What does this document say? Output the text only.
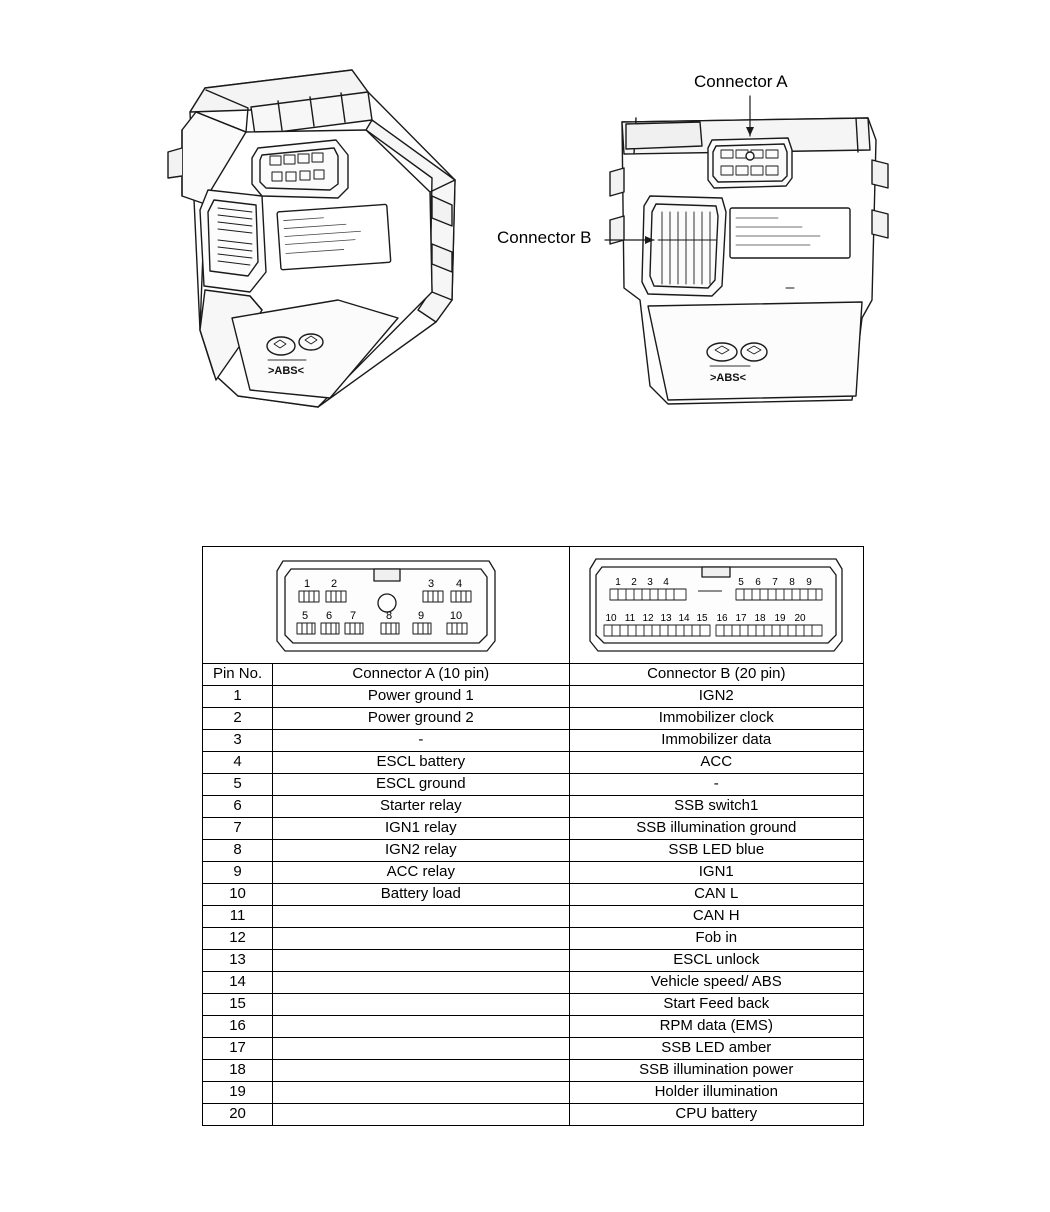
>ABS<
>ABS<
Connector A
Connector B
1 2	3 4
5 6 7	8 9 10

1 2 3 4	5 6 7 8 9
10 11 12 13 14 15 16 17 18 19 20

Pin No.	Connector A (10 pin)	Connector B (20 pin)
1	Power ground 1	IGN2
2	Power ground 2	Immobilizer clock
3	-	Immobilizer data
4	ESCL battery	ACC
5	ESCL ground	-
6	Starter relay	SSB switch1
7	IGN1 relay	SSB illumination ground
8	IGN2 relay	SSB LED blue
9	ACC relay	IGN1
10	Battery load	CAN L
11		CAN H
12		Fob in
13		ESCL unlock
14		Vehicle speed/ ABS
15		Start Feed back
16		RPM data (EMS)
17		SSB LED amber
18		SSB illumination power
19		Holder illumination
20		CPU battery
